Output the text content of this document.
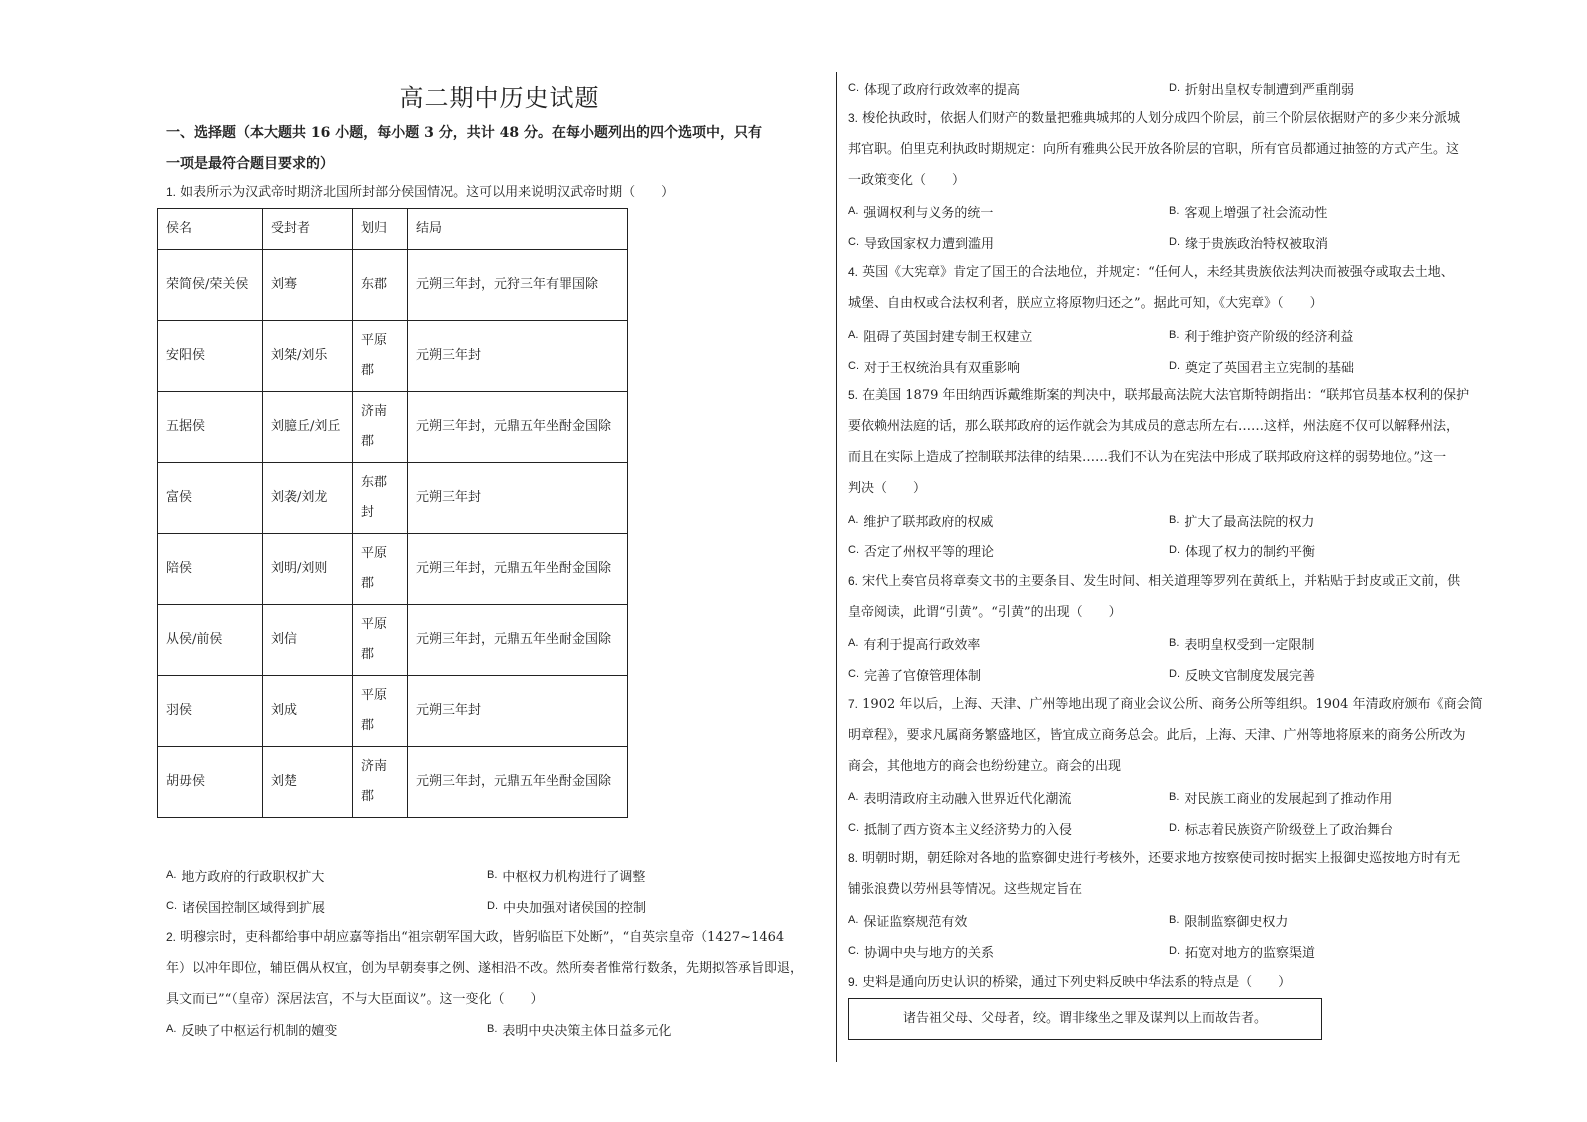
高二期中历史试题
一、选择题（本大题共 16 小题，每小题 3 分，共计 48 分。在每小题列出的四个选项中，只有
一项是最符合题目要求的）
1. 如表所示为汉武帝时期济北国所封部分侯国情况。这可以用来说明汉武帝时期（　　）
侯名	受封者	划归	结局
荣简侯/荣关侯	刘骞	东郡	元朔三年封，元狩三年有罪国除
安阳侯	刘桀/刘乐	平原郡	元朔三年封
五据侯	刘臆丘/刘丘	济南郡	元朔三年封，元鼎五年坐酎金国除
富侯	刘袭/刘龙	东郡封	元朔三年封
陪侯	刘明/刘则	平原郡	元朔三年封，元鼎五年坐酎金国除
从侯/前侯	刘信	平原郡	元朔三年封，元鼎五年坐耐金国除
羽侯	刘成	平原郡	元朔三年封
胡毋侯	刘楚	济南郡	元朔三年封，元鼎五年坐酎金国除
$^{A.}$ 地方政府的行政职权扩大	$^{B.}$ 中枢权力机构进行了调整
$^{C.}$ 诸侯国控制区域得到扩展	$^{D.}$ 中央加强对诸侯国的控制
2. 明穆宗时，吏科都给事中胡应嘉等指出“祖宗朝军国大政，皆躬临臣下处断”，“自英宗皇帝（1427~1464
年）以冲年即位，辅臣偶从权宜，创为早朝奏事之例、遂相沿不改。然所奏者惟常行数条，先期拟答承旨即退，
具文而已”“（皇帝）深居法宫，不与大臣面议”。这一变化（　　）
$^{A.}$ 反映了中枢运行机制的嬗变	$^{B.}$ 表明中央决策主体日益多元化
$^{C.}$ 体现了政府行政效率的提高	$^{D.}$ 折射出皇权专制遭到严重削弱
3. 梭伦执政时，依据人们财产的数量把雅典城邦的人划分成四个阶层，前三个阶层依据财产的多少来分派城
邦官职。伯里克利执政时期规定：向所有雅典公民开放各阶层的官职，所有官员都通过抽签的方式产生。这
一政策变化（　　）
$^{A.}$ 强调权利与义务的统一	$^{B.}$ 客观上增强了社会流动性
$^{C.}$ 导致国家权力遭到滥用	$^{D.}$ 缘于贵族政治特权被取消
4. 英国《大宪章》肯定了国王的合法地位，并规定：“任何人，未经其贵族依法判决而被强夺或取去土地、
城堡、自由权或合法权利者，朕应立将原物归还之”。据此可知，《大宪章》（　　）
$^{A.}$ 阻碍了英国封建专制王权建立	$^{B.}$ 利于维护资产阶级的经济利益
$^{C.}$ 对于王权统治具有双重影响	$^{D.}$ 奠定了英国君主立宪制的基础
5. 在美国 1879 年田纳西诉戴维斯案的判决中，联邦最高法院大法官斯特朗指出：“联邦官员基本权利的保护
要依赖州法庭的话，那么联邦政府的运作就会为其成员的意志所左右……这样，州法庭不仅可以解释州法，
而且在实际上造成了控制联邦法律的结果……我们不认为在宪法中形成了联邦政府这样的弱势地位。”这一
判决（　　）
$^{A.}$ 维护了联邦政府的权威	$^{B.}$ 扩大了最高法院的权力
$^{C.}$ 否定了州权平等的理论	$^{D.}$ 体现了权力的制约平衡
6. 宋代上奏官员将章奏文书的主要条目、发生时间、相关道理等罗列在黄纸上，并粘贴于封皮或正文前，供
皇帝阅读，此谓“引黄”。“引黄”的出现（　　）
$^{A.}$ 有利于提高行政效率	$^{B.}$ 表明皇权受到一定限制
$^{C.}$ 完善了官僚管理体制	$^{D.}$ 反映文官制度发展完善
7. 1902 年以后，上海、天津、广州等地出现了商业会议公所、商务公所等组织。1904 年清政府颁布《商会简
明章程》，要求凡属商务繁盛地区，皆宜成立商务总会。此后，上海、天津、广州等地将原来的商务公所改为
商会，其他地方的商会也纷纷建立。商会的出现
$^{A.}$ 表明清政府主动融入世界近代化潮流	$^{B.}$ 对民族工商业的发展起到了推动作用
$^{C.}$ 抵制了西方资本主义经济势力的入侵	$^{D.}$ 标志着民族资产阶级登上了政治舞台
8. 明朝时期，朝廷除对各地的监察御史进行考核外，还要求地方按察使司按时据实上报御史巡按地方时有无
铺张浪费以劳州县等情况。这些规定旨在
$^{A.}$ 保证监察规范有效	$^{B.}$ 限制监察御史权力
$^{C.}$ 协调中央与地方的关系	$^{D.}$ 拓宽对地方的监察渠道
9. 史料是通向历史认识的桥梁，通过下列史料反映中华法系的特点是（　　）
诸告祖父母、父母者，绞。谓非缘坐之罪及谋判以上而故告者。
